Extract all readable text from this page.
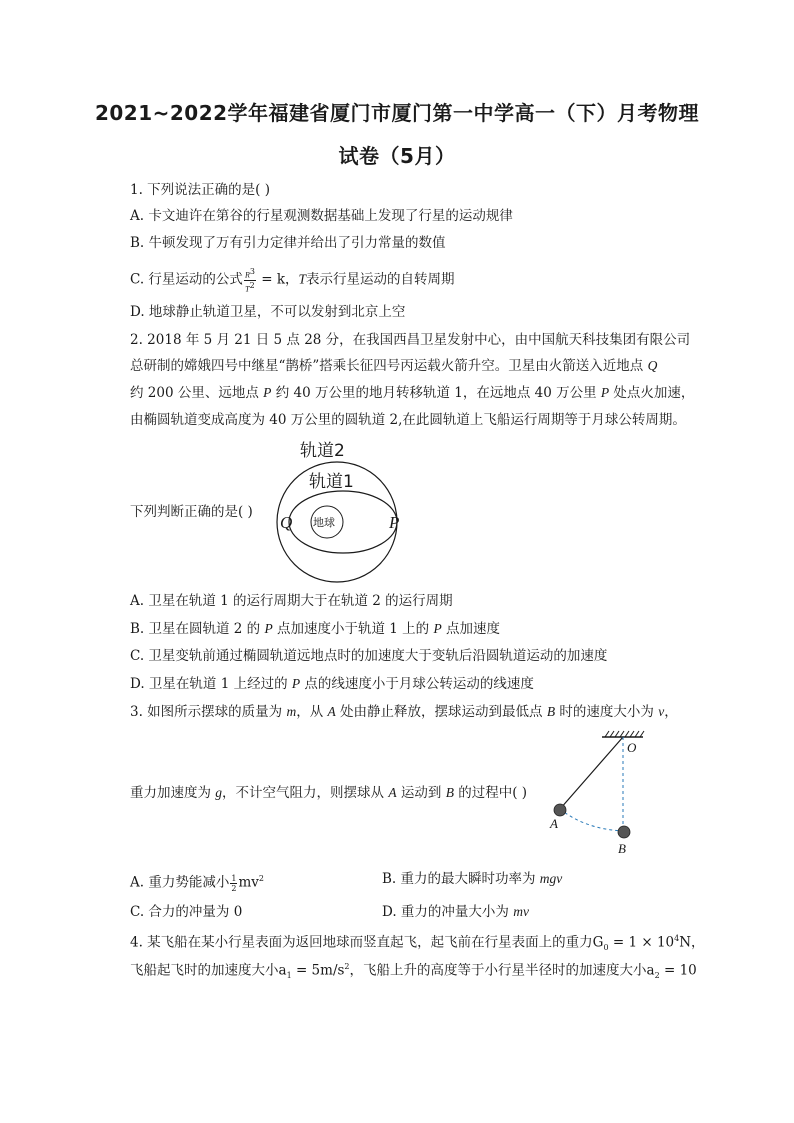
2021~2022学年福建省厦门市厦门第一中学高一（下）月考物理
试卷（5月）
1. 下列说法正确的是( )
A. 卡文迪许在第谷的行星观测数据基础上发现了行星的运动规律
B. 牛顿发现了万有引力定律并给出了引力常量的数值
C. 行星运动的公式 $\frac{R^3}{T^2} = k$，T表示行星运动的自转周期
D. 地球静止轨道卫星，不可以发射到北京上空
2. 2018 年 5 月 21 日 5 点 28 分，在我国西昌卫星发射中心，由中国航天科技集团有限公司
总研制的嫦娥四号中继星“鹊桥”搭乘长征四号丙运载火箭升空。卫星由火箭送入近地点 Q
约 200 公里、远地点 P 约 40 万公里的地月转移轨道 1，在远地点 40 万公里 P 处点火加速，
由椭圆轨道变成高度为 40 万公里的圆轨道 2,在此圆轨道上飞船运行周期等于月球公转周期。
下列判断正确的是( )
轨道2
轨道1
地球
Q	P
A. 卫星在轨道 1 的运行周期大于在轨道 2 的运行周期
B. 卫星在圆轨道 2 的 P 点加速度小于轨道 1 上的 P 点加速度
C. 卫星变轨前通过椭圆轨道远地点时的加速度大于变轨后沿圆轨道运动的加速度
D. 卫星在轨道 1 上经过的 P 点的线速度小于月球公转运动的线速度
3. 如图所示摆球的质量为 m，从 A 处由静止释放，摆球运动到最低点 B 时的速度大小为 v，
重力加速度为 g，不计空气阻力，则摆球从 A 运动到 B 的过程中( )
O
A
B
A. 重力势能减小 $\frac{1}{2} mv^2$	B. 重力的最大瞬时功率为 mgv
C. 合力的冲量为 0	D. 重力的冲量大小为 mv
4. 某飞船在某小行星表面为返回地球而竖直起飞，起飞前在行星表面上的重力$G_0 = 1 \times 10^4N$，
飞船起飞时的加速度大小$a_1 = 5m/s^2$，飞船上升的高度等于小行星半径时的加速度大小$a_2 = 10$
